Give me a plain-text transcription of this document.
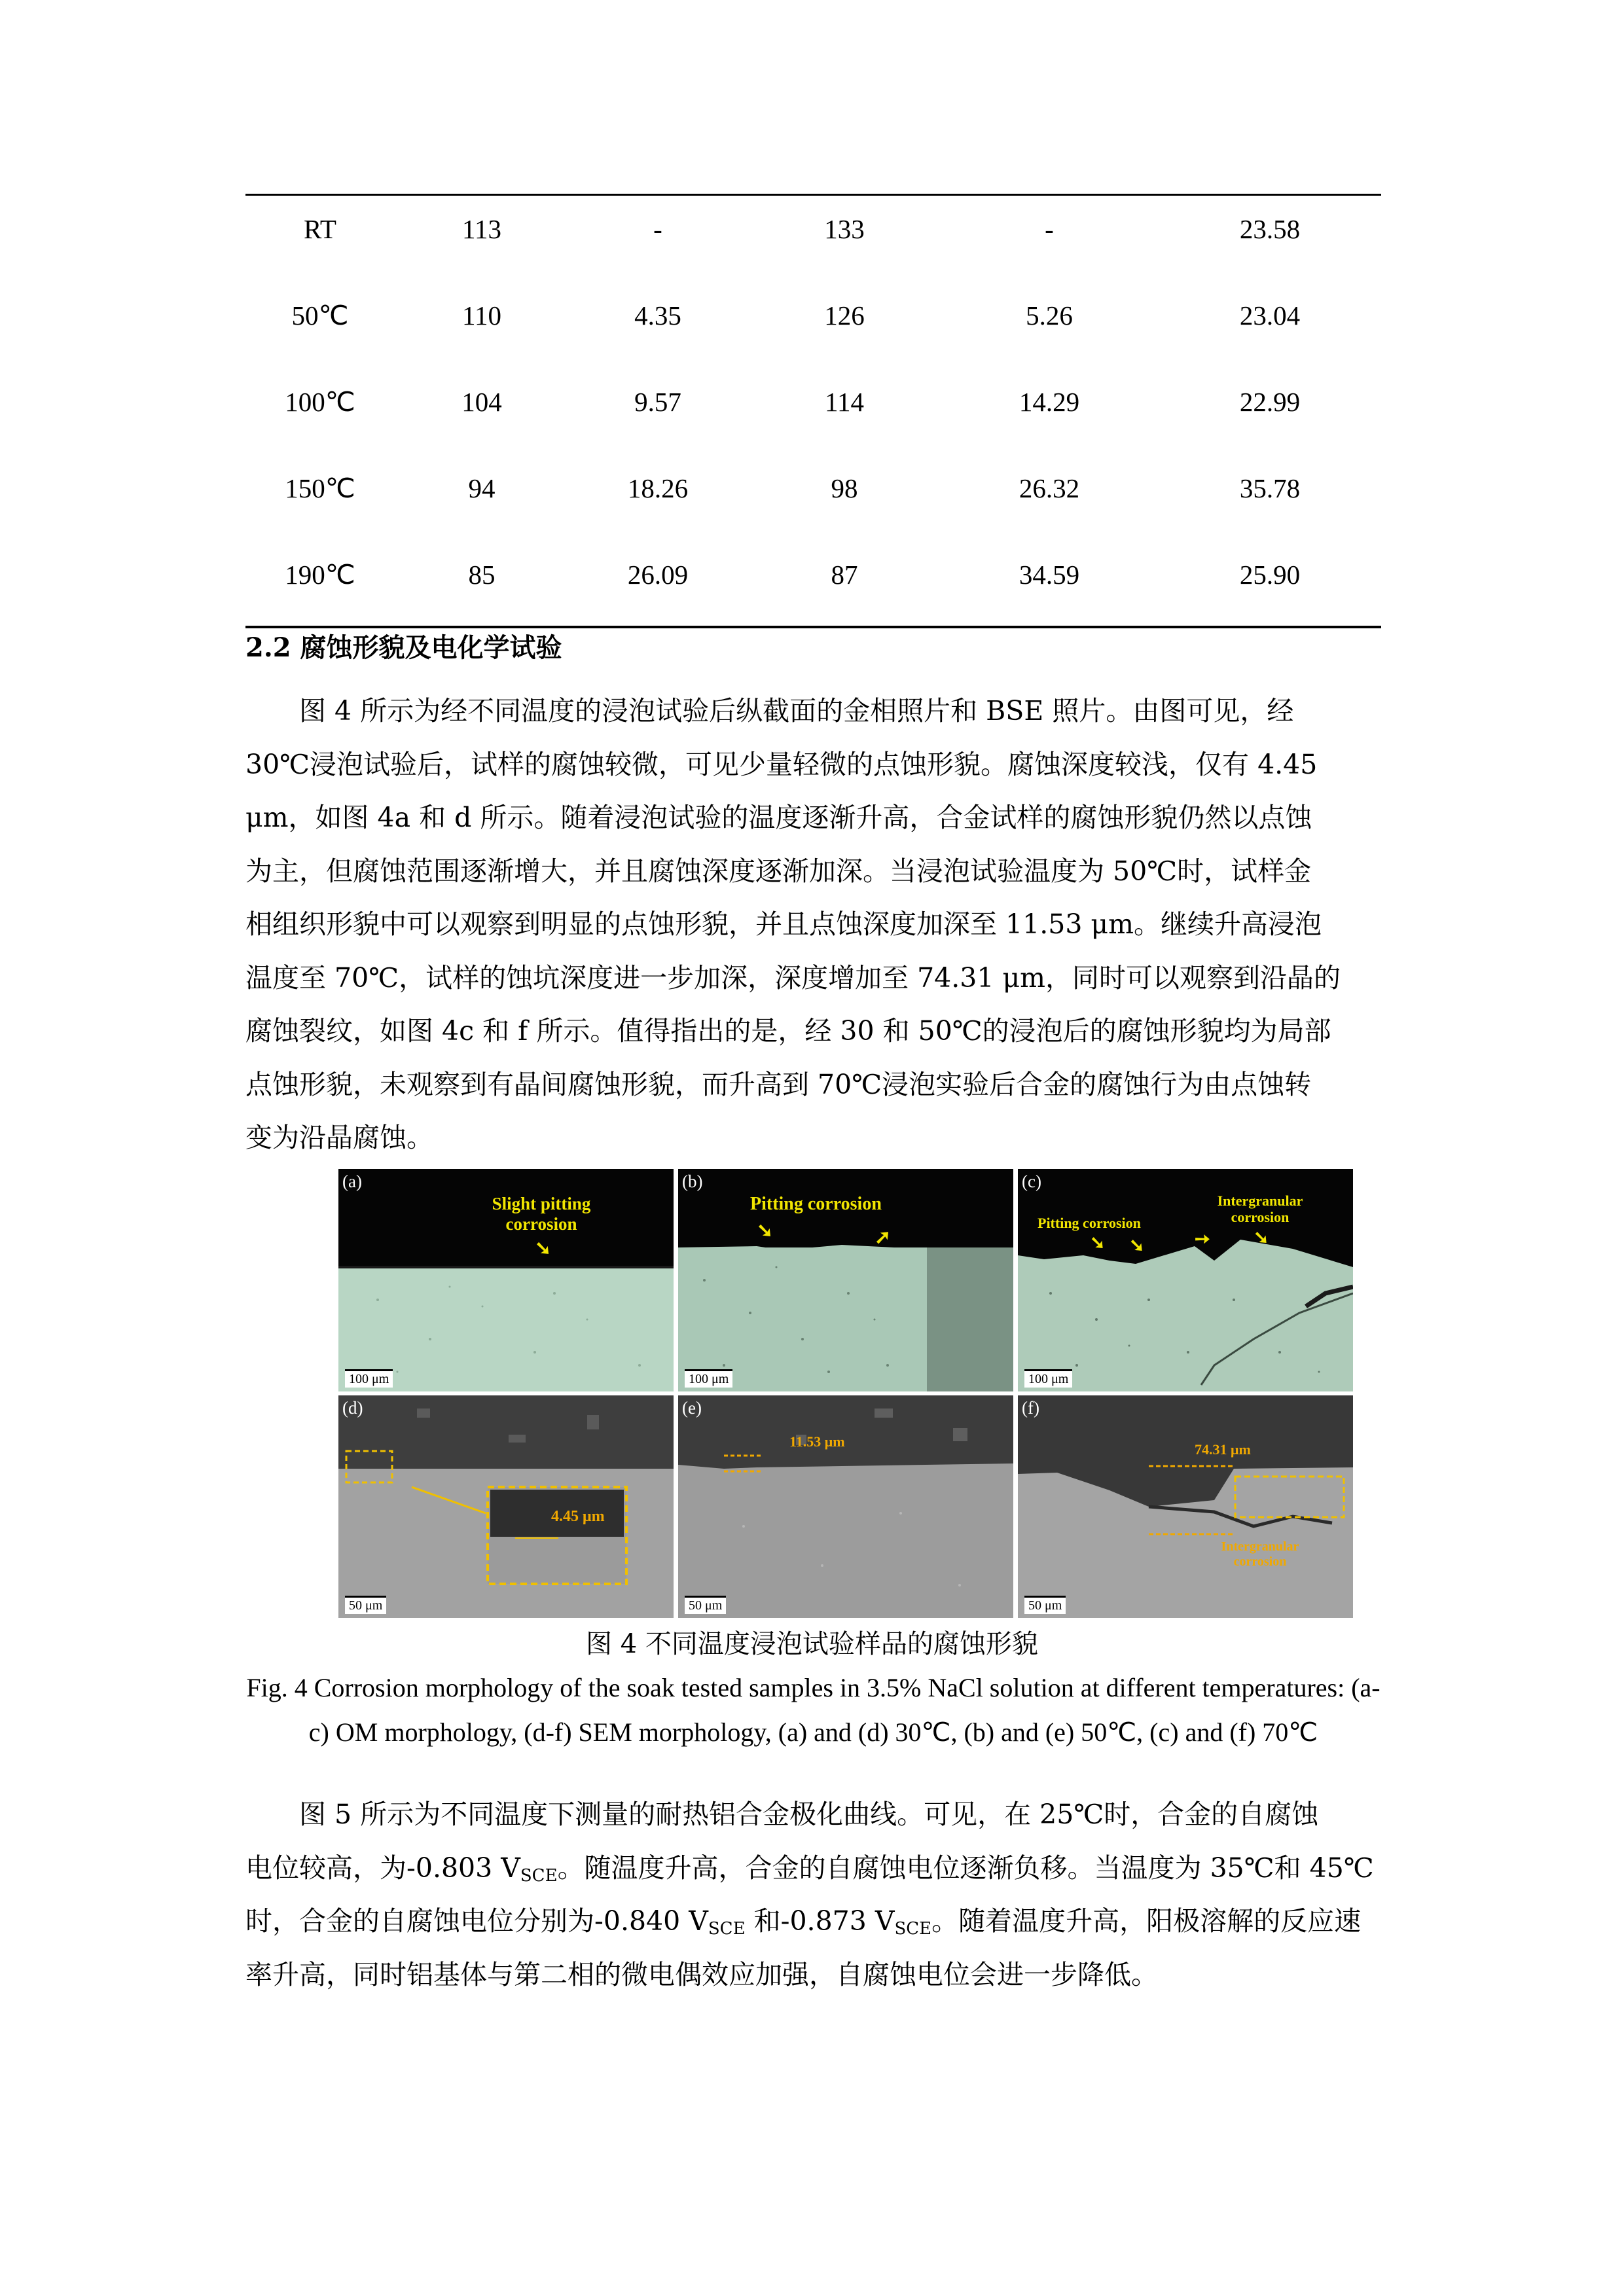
RT	113	-	133	-	23.58
50℃	110	4.35	126	5.26	23.04
100℃	104	9.57	114	14.29	22.99
150℃	94	18.26	98	26.32	35.78
190℃	85	26.09	87	34.59	25.90
2.2 腐蚀形貌及电化学试验
图 4 所示为经不同温度的浸泡试验后纵截面的金相照片和 BSE 照片。由图可见，经
30℃浸泡试验后，试样的腐蚀较微，可见少量轻微的点蚀形貌。腐蚀深度较浅，仅有 4.45
μm，如图 4a 和 d 所示。随着浸泡试验的温度逐渐升高，合金试样的腐蚀形貌仍然以点蚀
为主，但腐蚀范围逐渐增大，并且腐蚀深度逐渐加深。当浸泡试验温度为 50℃时，试样金
相组织形貌中可以观察到明显的点蚀形貌，并且点蚀深度加深至 11.53 μm。继续升高浸泡
温度至 70℃，试样的蚀坑深度进一步加深，深度增加至 74.31 μm，同时可以观察到沿晶的
腐蚀裂纹，如图 4c 和 f 所示。值得指出的是，经 30 和 50℃的浸泡后的腐蚀形貌均为局部
点蚀形貌，未观察到有晶间腐蚀形貌，而升高到 70℃浸泡实验后合金的腐蚀行为由点蚀转
变为沿晶腐蚀。
(a)
Slight pitting corrosion
➘
100 μm
(b)
Pitting corrosion
➘	➚
100 μm
(c)
Pitting corrosion
Intergranular corrosion
➘ ➘	➙ ➘
100 μm
(d)
4.45 μm
50 μm
(e)
11.53 μm
50 μm
(f)
74.31 μm
Intergranular corrosion
50 μm
图 4 不同温度浸泡试验样品的腐蚀形貌
Fig. 4 Corrosion morphology of the soak tested samples in 3.5% NaCl solution at different temperatures: (a-c) OM morphology, (d-f) SEM morphology, (a) and (d) 30℃, (b) and (e) 50℃, (c) and (f) 70℃
图 5 所示为不同温度下测量的耐热铝合金极化曲线。可见，在 25℃时，合金的自腐蚀
电位较高，为-0.803 $V_{SCE}$。随温度升高，合金的自腐蚀电位逐渐负移。当温度为 35℃和 45℃
时，合金的自腐蚀电位分别为-0.840 $V_{SCE}$ 和-0.873 $V_{SCE}$。随着温度升高，阳极溶解的反应速
率升高，同时铝基体与第二相的微电偶效应加强，自腐蚀电位会进一步降低。
